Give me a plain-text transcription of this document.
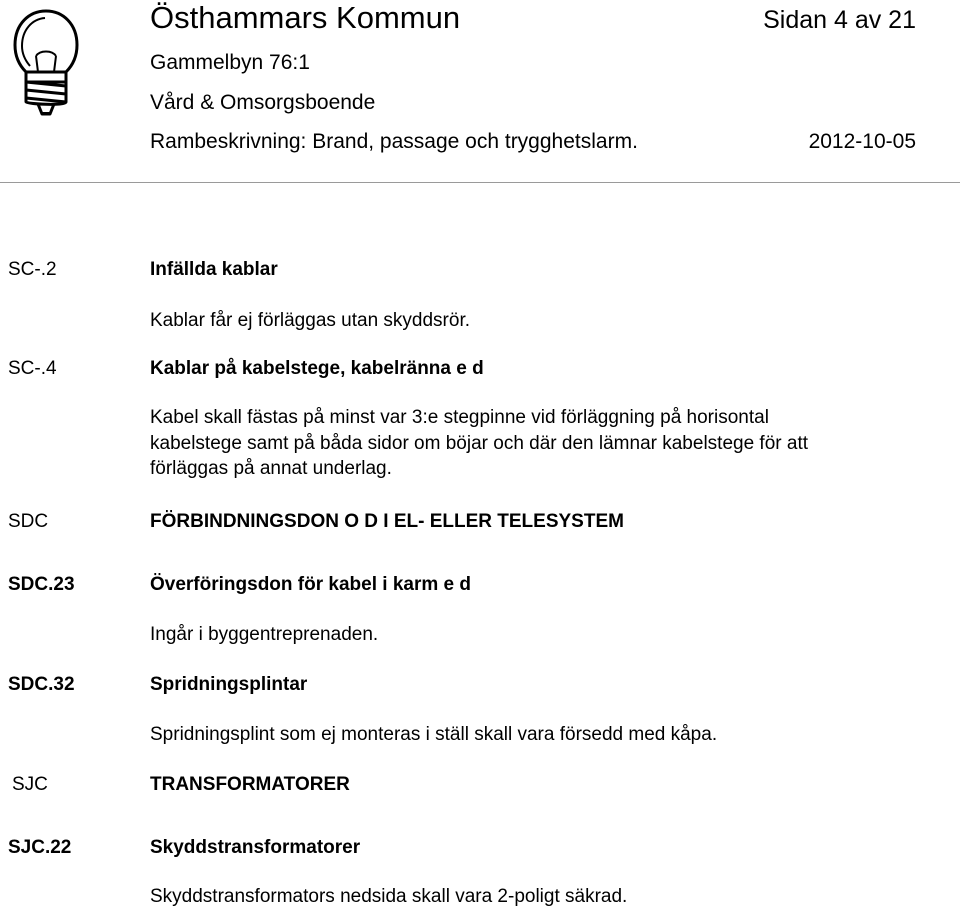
Östhammars Kommun	Sidan 4 av 21
Gammelbyn 76:1
Vård & Omsorgsboende
Rambeskrivning: Brand, passage och trygghetslarm.	2012-10-05
SC-.2	Infällda kablar
Kablar får ej förläggas utan skyddsrör.
SC-.4	Kablar på kabelstege, kabelränna e d
Kabel skall fästas på minst var 3:e stegpinne vid förläggning på horisontal kabelstege samt på båda sidor om böjar och där den lämnar kabelstege för att förläggas på annat underlag.
SDC	FÖRBINDNINGSDON O D I EL- ELLER TELESYSTEM
SDC.23	Överföringsdon för kabel i karm e d
Ingår i byggentreprenaden.
SDC.32	Spridningsplintar
Spridningsplint som ej monteras i ställ skall vara försedd med kåpa.
SJC	TRANSFORMATORER
SJC.22	Skyddstransformatorer
Skyddstransformators nedsida skall vara 2-poligt säkrad.
